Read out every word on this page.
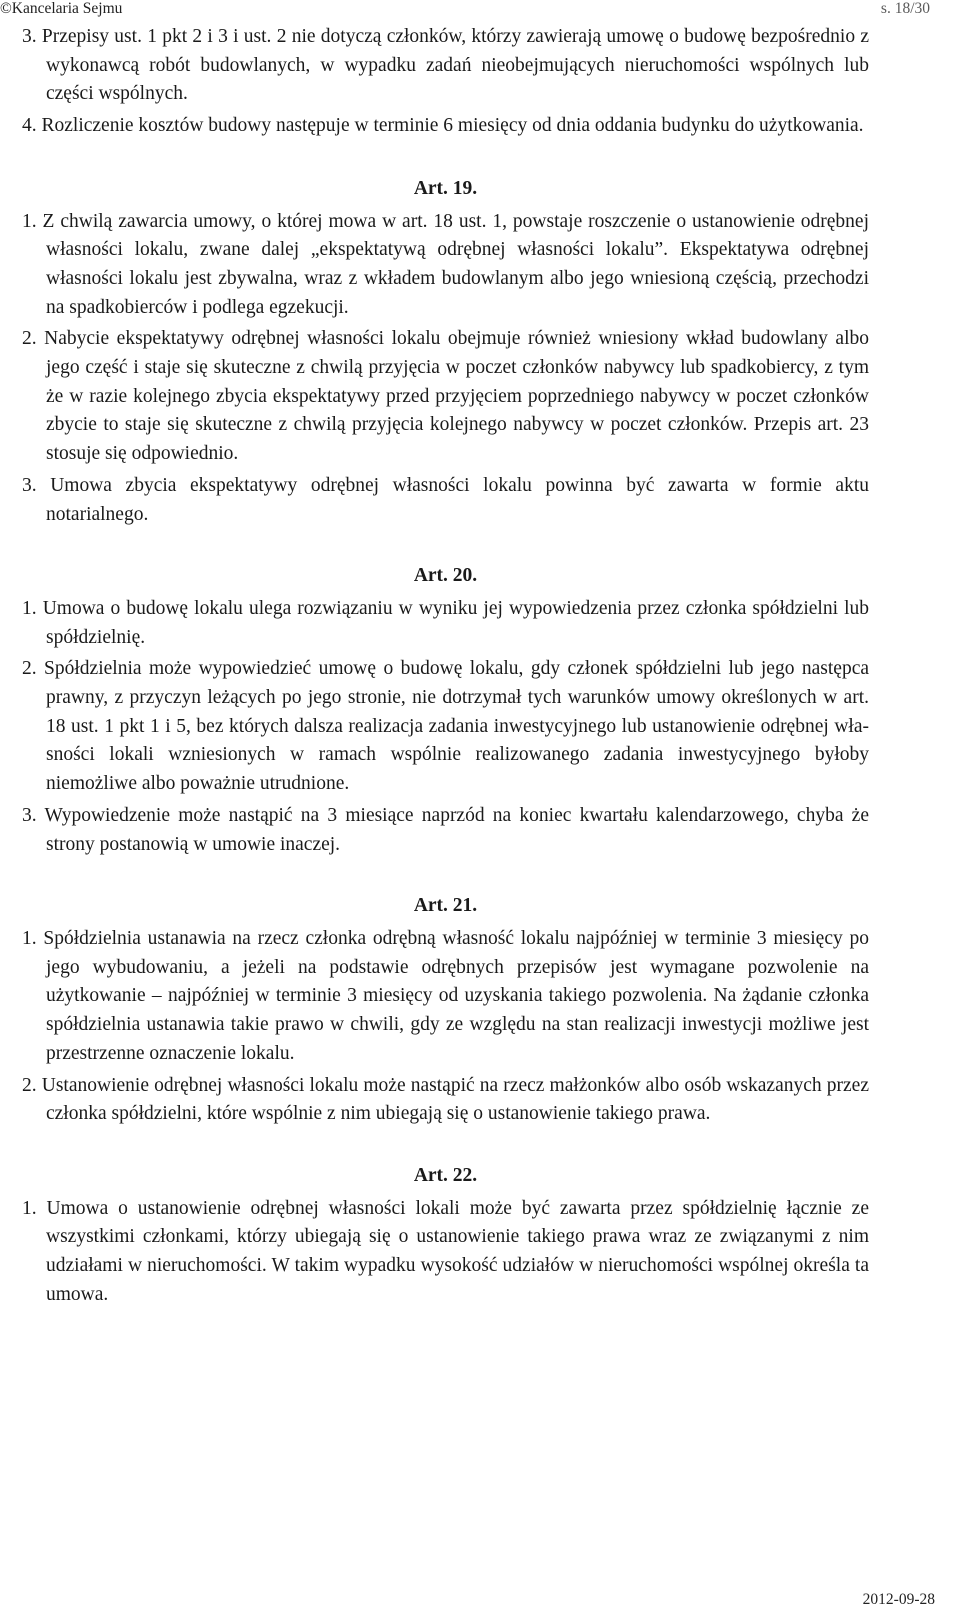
©Kancelaria Sejmu	s. 18/30

3. Przepisy ust. 1 pkt 2 i 3 i ust. 2 nie dotyczą członków, którzy zawierają umowę o budowę bezpośrednio z wykonawcą robót budowlanych, w wypadku zadań nieobejmujących nieruchomości wspólnych lub części wspólnych.

4. Rozliczenie kosztów budowy następuje w terminie 6 miesięcy od dnia oddania budynku do użytkowania.

Art. 19.

1. Z chwilą zawarcia umowy, o której mowa w art. 18 ust. 1, powstaje roszczenie o ustanowienie odrębnej własności lokalu, zwane dalej „ekspektatywą odrębnej własności lokalu”. Ekspektatywa odrębnej własności lokalu jest zbywalna, wraz z wkładem budowlanym albo jego wniesioną częścią, przechodzi na spadkobierców i podlega egzekucji.

2. Nabycie ekspektatywy odrębnej własności lokalu obejmuje również wniesiony wkład budowlany albo jego część i staje się skuteczne z chwilą przyjęcia w poczet członków nabywcy lub spadkobiercy, z tym że w razie kolejnego zbycia ekspektatywy przed przyjęciem poprzedniego nabywcy w poczet członków zbycie to staje się skuteczne z chwilą przyjęcia kolejnego nabywcy w poczet członków. Przepis art. 23 stosuje się odpowiednio.

3. Umowa zbycia ekspektatywy odrębnej własności lokalu powinna być zawarta w formie aktu notarialnego.

Art. 20.

1. Umowa o budowę lokalu ulega rozwiązaniu w wyniku jej wypowiedzenia przez członka spółdzielni lub spółdzielnię.

2. Spółdzielnia może wypowiedzieć umowę o budowę lokalu, gdy członek spółdzielni lub jego następca prawny, z przyczyn leżących po jego stronie, nie dotrzymał tych warunków umowy określonych w art. 18 ust. 1 pkt 1 i 5, bez których dalsza realizacja zadania inwestycyjnego lub ustanowienie odrębnej własności lokali wzniesionych w ramach wspólnie realizowanego zadania inwestycyjnego byłoby niemożliwe albo poważnie utrudnione.

3. Wypowiedzenie może nastąpić na 3 miesiące naprzód na koniec kwartału kalendarzowego, chyba że strony postanowią w umowie inaczej.

Art. 21.

1. Spółdzielnia ustanawia na rzecz członka odrębną własność lokalu najpóźniej w terminie 3 miesięcy po jego wybudowaniu, a jeżeli na podstawie odrębnych przepisów jest wymagane pozwolenie na użytkowanie – najpóźniej w terminie 3 miesięcy od uzyskania takiego pozwolenia. Na żądanie członka spółdzielnia ustanawia takie prawo w chwili, gdy ze względu na stan realizacji inwestycji możliwe jest przestrzenne oznaczenie lokalu.

2. Ustanowienie odrębnej własności lokalu może nastąpić na rzecz małżonków albo osób wskazanych przez członka spółdzielni, które wspólnie z nim ubiegają się o ustanowienie takiego prawa.

Art. 22.

1. Umowa o ustanowienie odrębnej własności lokali może być zawarta przez spółdzielnię łącznie ze wszystkimi członkami, którzy ubiegają się o ustanowienie takiego prawa wraz ze związanymi z nim udziałami w nieruchomości. W takim wypadku wysokość udziałów w nieruchomości wspólnej określa ta umowa.

2012-09-28
